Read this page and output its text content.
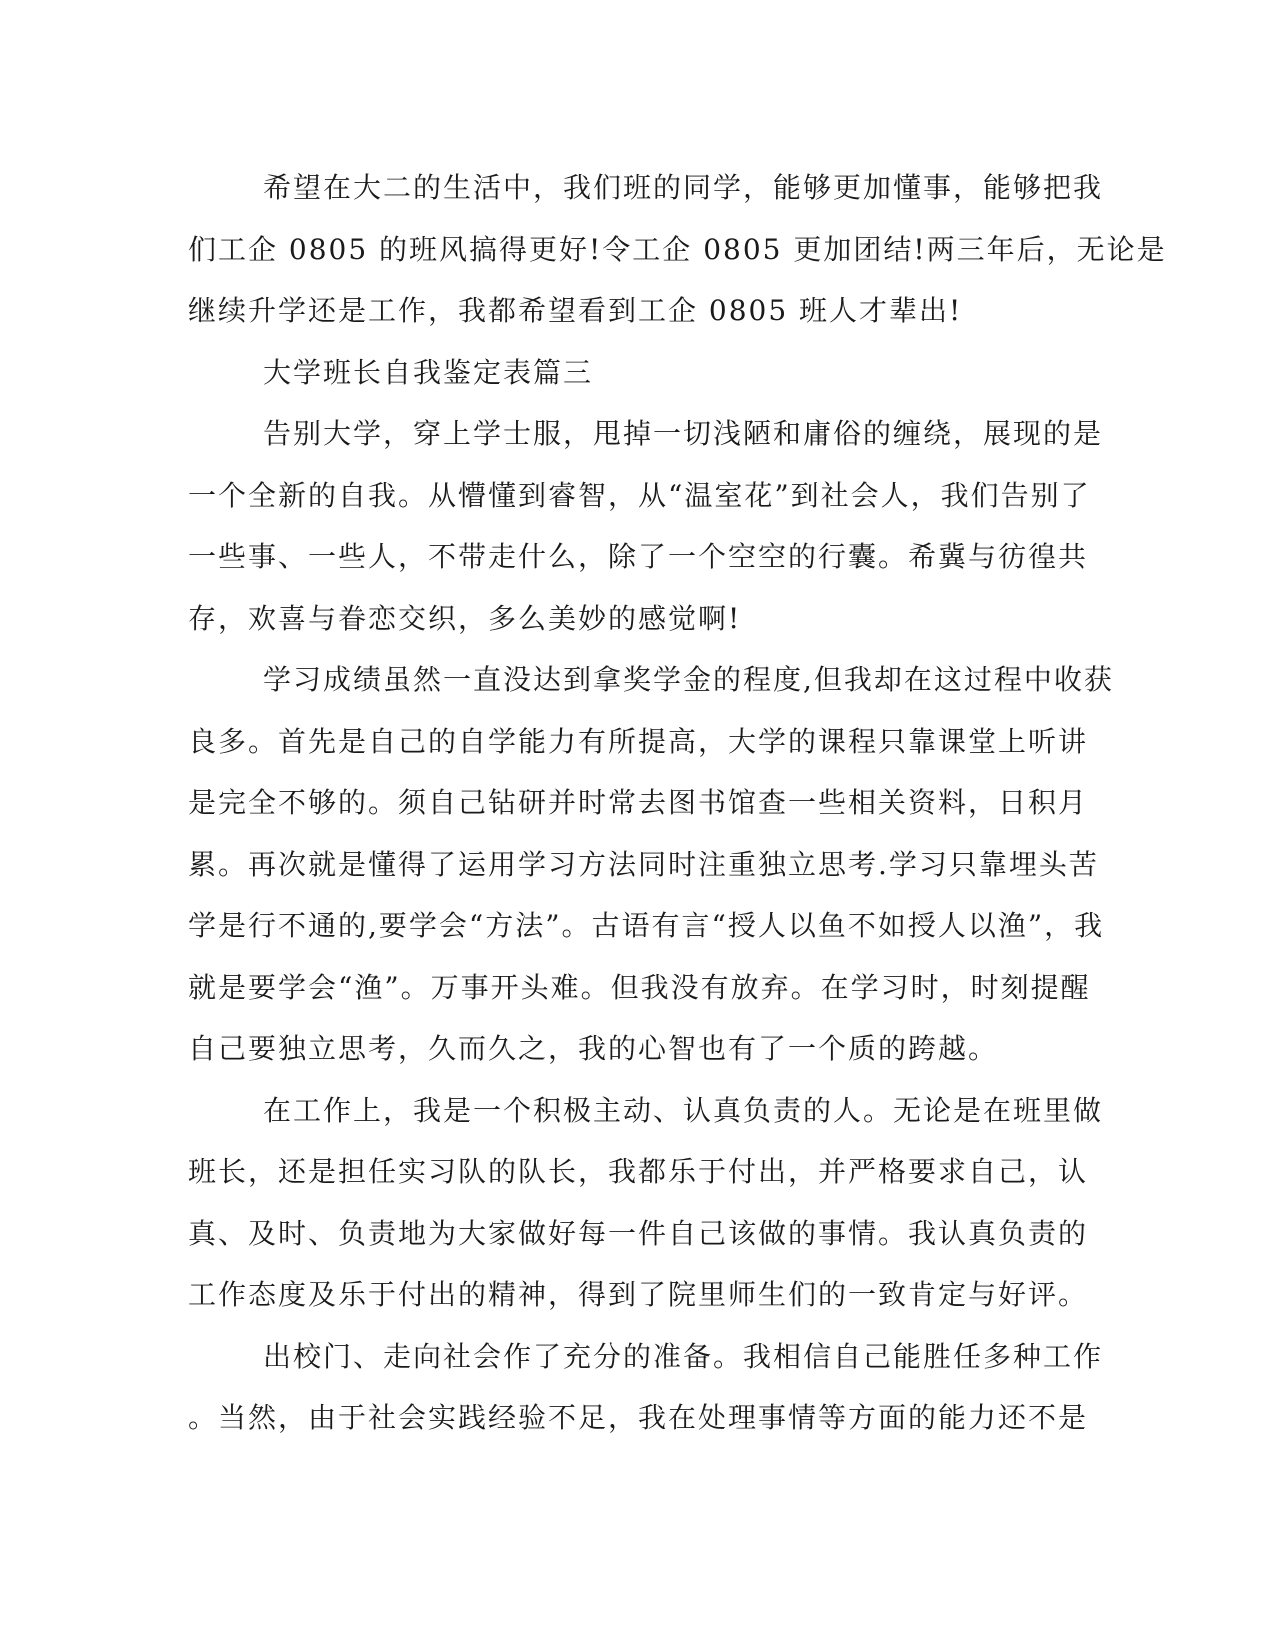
希望在大二的生活中，我们班的同学，能够更加懂事，能够把我
们工企 0805 的班风搞得更好!令工企 0805 更加团结!两三年后，无论是
继续升学还是工作，我都希望看到工企 0805 班人才辈出!
大学班长自我鉴定表篇三
告别大学，穿上学士服，甩掉一切浅陋和庸俗的缠绕，展现的是
一个全新的自我。从懵懂到睿智，从“温室花”到社会人，我们告别了
一些事、一些人，不带走什么，除了一个空空的行囊。希冀与彷徨共
存，欢喜与眷恋交织，多么美妙的感觉啊!
学习成绩虽然一直没达到拿奖学金的程度,但我却在这过程中收获
良多。首先是自己的自学能力有所提高，大学的课程只靠课堂上听讲
是完全不够的。须自己钻研并时常去图书馆查一些相关资料，日积月
累。再次就是懂得了运用学习方法同时注重独立思考.学习只靠埋头苦
学是行不通的,要学会“方法”。古语有言“授人以鱼不如授人以渔”，我
就是要学会“渔”。万事开头难。但我没有放弃。在学习时，时刻提醒
自己要独立思考，久而久之，我的心智也有了一个质的跨越。
在工作上，我是一个积极主动、认真负责的人。无论是在班里做
班长，还是担任实习队的队长，我都乐于付出，并严格要求自己，认
真、及时、负责地为大家做好每一件自己该做的事情。我认真负责的
工作态度及乐于付出的精神，得到了院里师生们的一致肯定与好评。
出校门、走向社会作了充分的准备。我相信自己能胜任多种工作
。当然，由于社会实践经验不足，我在处理事情等方面的能力还不是
